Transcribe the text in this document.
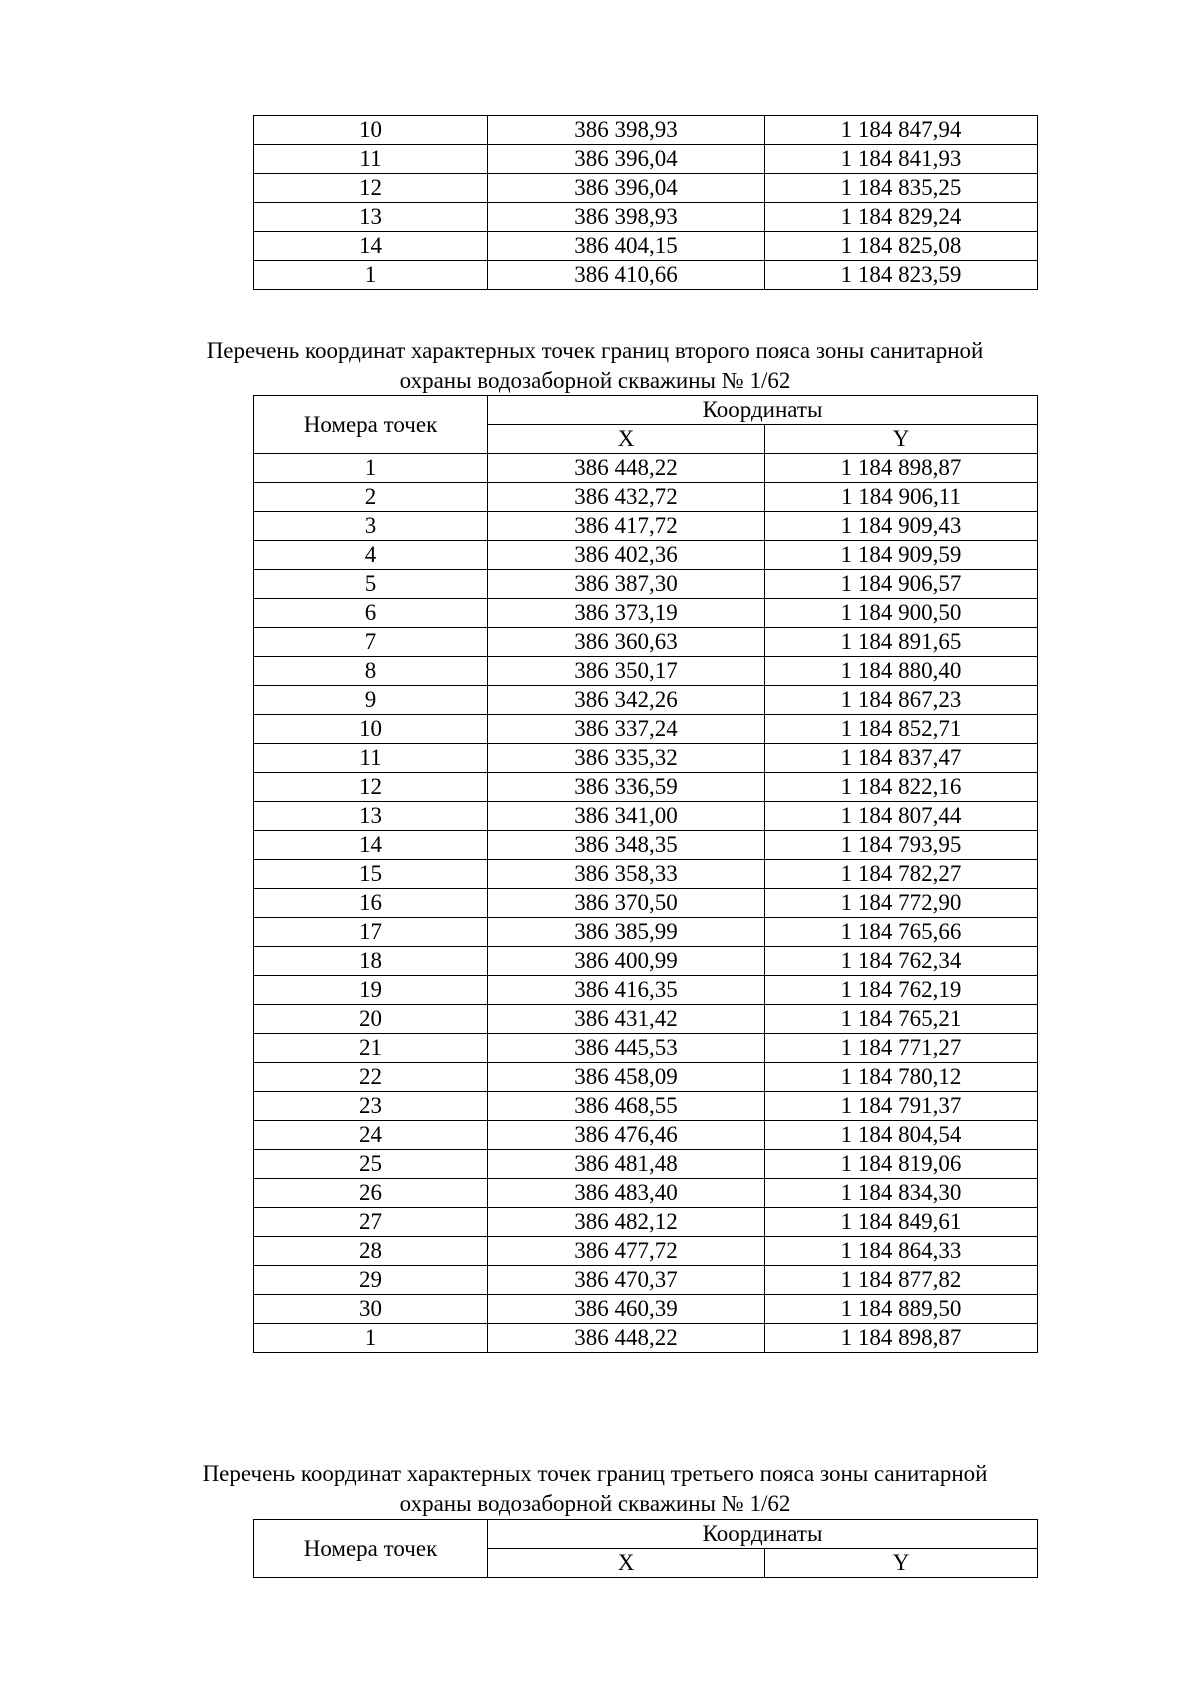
10	386 398,93	1 184 847,94
11	386 396,04	1 184 841,93
12	386 396,04	1 184 835,25
13	386 398,93	1 184 829,24
14	386 404,15	1 184 825,08
1	386 410,66	1 184 823,59
Перечень координат характерных точек границ второго пояса зоны санитарной
охраны водозаборной скважины № 1/62
Номера точек	Координаты	
	X	Y
1	386 448,22	1 184 898,87
2	386 432,72	1 184 906,11
3	386 417,72	1 184 909,43
4	386 402,36	1 184 909,59
5	386 387,30	1 184 906,57
6	386 373,19	1 184 900,50
7	386 360,63	1 184 891,65
8	386 350,17	1 184 880,40
9	386 342,26	1 184 867,23
10	386 337,24	1 184 852,71
11	386 335,32	1 184 837,47
12	386 336,59	1 184 822,16
13	386 341,00	1 184 807,44
14	386 348,35	1 184 793,95
15	386 358,33	1 184 782,27
16	386 370,50	1 184 772,90
17	386 385,99	1 184 765,66
18	386 400,99	1 184 762,34
19	386 416,35	1 184 762,19
20	386 431,42	1 184 765,21
21	386 445,53	1 184 771,27
22	386 458,09	1 184 780,12
23	386 468,55	1 184 791,37
24	386 476,46	1 184 804,54
25	386 481,48	1 184 819,06
26	386 483,40	1 184 834,30
27	386 482,12	1 184 849,61
28	386 477,72	1 184 864,33
29	386 470,37	1 184 877,82
30	386 460,39	1 184 889,50
1	386 448,22	1 184 898,87
Перечень координат характерных точек границ третьего пояса зоны санитарной
охраны водозаборной скважины № 1/62
Номера точек	Координаты	
	X	Y
